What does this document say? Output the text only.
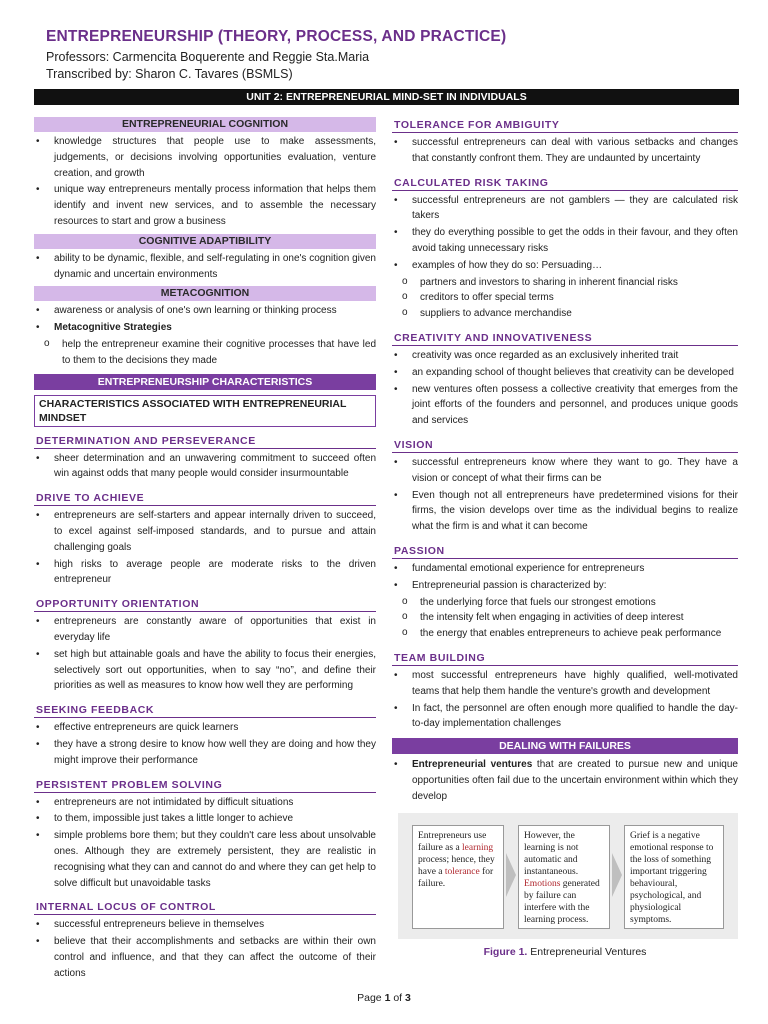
ENTREPRENEURSHIP (THEORY, PROCESS, AND PRACTICE)
Professors: Carmencita Boquerente and Reggie Sta.Maria
Transcribed by: Sharon C. Tavares (BSMLS)
UNIT 2: ENTREPRENEURIAL MIND-SET IN INDIVIDUALS
ENTREPRENEURIAL COGNITION
• knowledge structures that people use to make assessments, judgements, or decisions involving opportunities evaluation, venture creation, and growth
• unique way entrepreneurs mentally process information that helps them identify and invent new services, and to assemble the necessary resources to start and grow a business
COGNITIVE ADAPTIBILITY
• ability to be dynamic, flexible, and self-regulating in one's cognition given dynamic and uncertain environments
METACOGNITION
• awareness or analysis of one's own learning or thinking process
• Metacognitive Strategies
o help the entrepreneur examine their cognitive processes that have led to them to the decisions they made
ENTREPRENEURSHIP CHARACTERISTICS
CHARACTERISTICS ASSOCIATED WITH ENTREPRENEURIAL MINDSET
DETERMINATION AND PERSEVERANCE
• sheer determination and an unwavering commitment to succeed often win against odds that many people would consider insurmountable
DRIVE TO ACHIEVE
• entrepreneurs are self-starters and appear internally driven to succeed, to excel against self-imposed standards, and to pursue and attain challenging goals
• high risks to average people are moderate risks to the driven entrepreneur
OPPORTUNITY ORIENTATION
• entrepreneurs are constantly aware of opportunities that exist in everyday life
• set high but attainable goals and have the ability to focus their energies, selectively sort out opportunities, when to say “no”, and define their priorities as well as measures to know how well they are performing
SEEKING FEEDBACK
• effective entrepreneurs are quick learners
• they have a strong desire to know how well they are doing and how they might improve their performance
PERSISTENT PROBLEM SOLVING
• entrepreneurs are not intimidated by difficult situations
• to them, impossible just takes a little longer to achieve
• simple problems bore them; but they couldn't care less about unsolvable ones. Although they are extremely persistent, they are realistic in recognising what they can and cannot do and where they can get help to solve difficult but unavoidable tasks
INTERNAL LOCUS OF CONTROL
• successful entrepreneurs believe in themselves
• believe that their accomplishments and setbacks are within their own control and influence, and that they can affect the outcome of their actions
TOLERANCE FOR AMBIGUITY
• successful entrepreneurs can deal with various setbacks and changes that constantly confront them. They are undaunted by uncertainty
CALCULATED RISK TAKING
• successful entrepreneurs are not gamblers — they are calculated risk takers
• they do everything possible to get the odds in their favour, and they often avoid taking unnecessary risks
• examples of how they do so: Persuading…
o partners and investors to sharing in inherent financial risks
o creditors to offer special terms
o suppliers to advance merchandise
CREATIVITY AND INNOVATIVENESS
• creativity was once regarded as an exclusively inherited trait
• an expanding school of thought believes that creativity can be developed
• new ventures often possess a collective creativity that emerges from the joint efforts of the founders and personnel, and produces unique goods and services
VISION
• successful entrepreneurs know where they want to go. They have a vision or concept of what their firms can be
• Even though not all entrepreneurs have predetermined visions for their firms, the vision develops over time as the individual begins to realize what the firm is and what it can become
PASSION
• fundamental emotional experience for entrepreneurs
• Entrepreneurial passion is characterized by:
o the underlying force that fuels our strongest emotions
o the intensity felt when engaging in activities of deep interest
o the energy that enables entrepreneurs to achieve peak performance
TEAM BUILDING
• most successful entrepreneurs have highly qualified, well-motivated teams that help them handle the venture's growth and development
• In fact, the personnel are often enough more qualified to handle the day-to-day implementation challenges
DEALING WITH FAILURES
• Entrepreneurial ventures that are created to pursue new and unique opportunities often fail due to the uncertain environment within which they develop
Entrepreneurs use failure as a learning process; hence, they have a tolerance for failure.
However, the learning is not automatic and instantaneous. Emotions generated by failure can interfere with the learning process.
Grief is a negative emotional response to the loss of something important triggering behavioural, psychological, and physiological symptoms.
Figure 1. Entrepreneurial Ventures
Page 1 of 3
